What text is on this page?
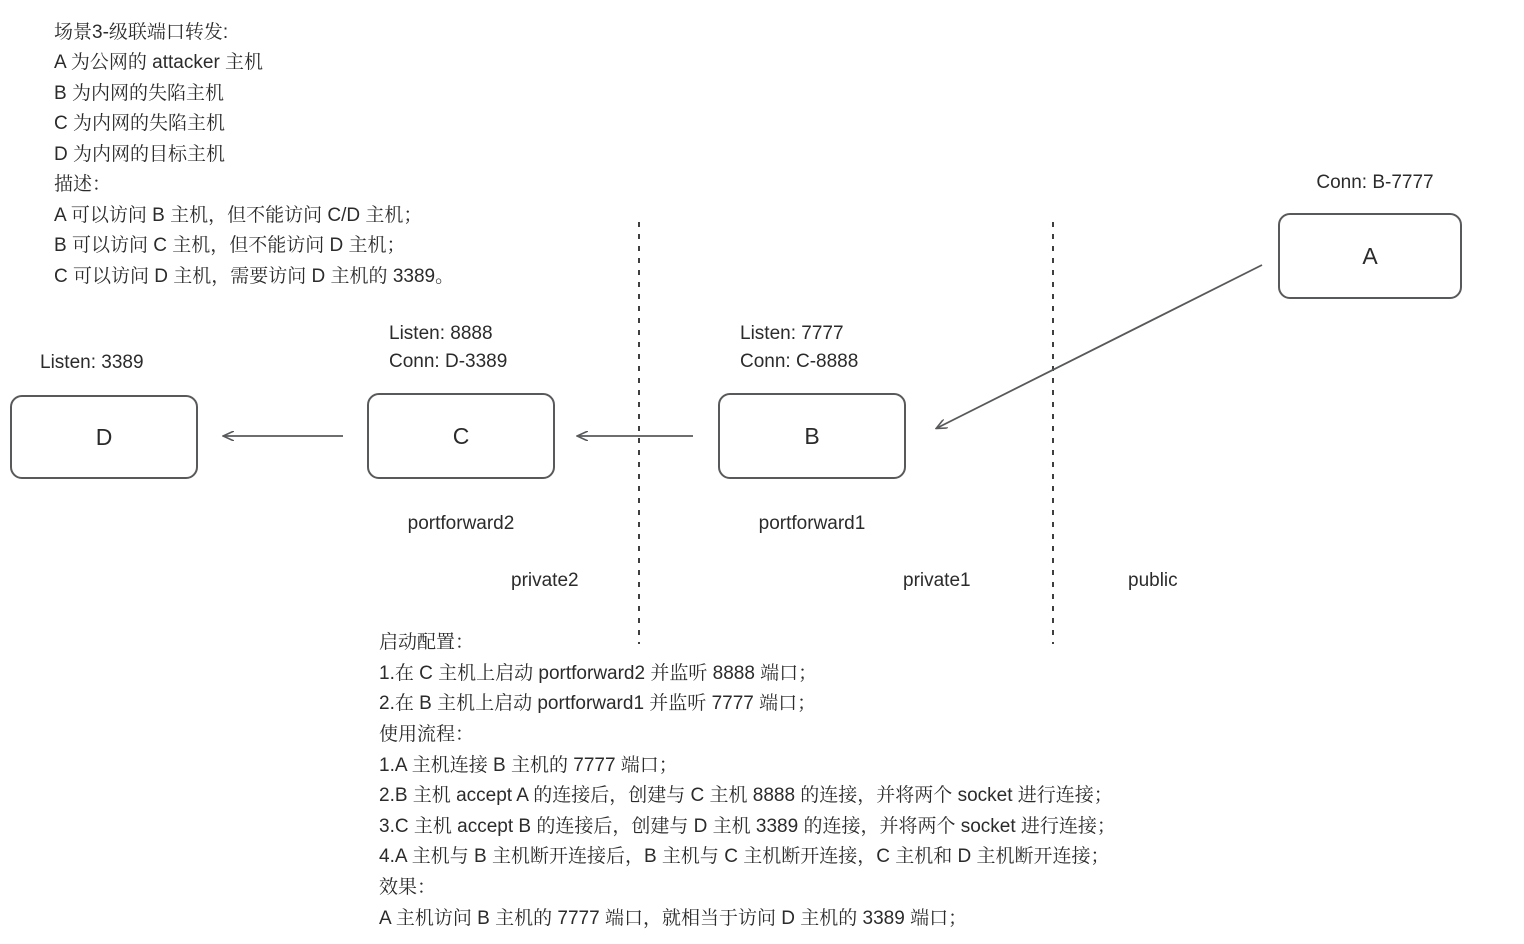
场景3-级联端口转发:
A 为公网的 attacker 主机
B 为内网的失陷主机
C 为内网的失陷主机
D 为内网的目标主机
描述：
A 可以访问 B 主机，但不能访问 C/D 主机；
B 可以访问 C 主机，但不能访问 D 主机；
C 可以访问 D 主机，需要访问 D 主机的 3389。
Conn: B-7777
A
Listen: 7777
Conn: C-8888
B
portforward1
Listen: 8888
Conn: D-3389
C
portforward2
Listen: 3389
D
private2	private1	public
启动配置：
1.在 C 主机上启动 portforward2 并监听 8888 端口；
2.在 B 主机上启动 portforward1 并监听 7777 端口；
使用流程：
1.A 主机连接 B 主机的 7777 端口；
2.B 主机 accept A 的连接后，创建与 C 主机 8888 的连接，并将两个 socket 进行连接；
3.C 主机 accept B 的连接后，创建与 D 主机 3389 的连接，并将两个 socket 进行连接；
4.A 主机与 B 主机断开连接后，B 主机与 C 主机断开连接，C 主机和 D 主机断开连接；
效果：
A 主机访问 B 主机的 7777 端口，就相当于访问 D 主机的 3389 端口；
